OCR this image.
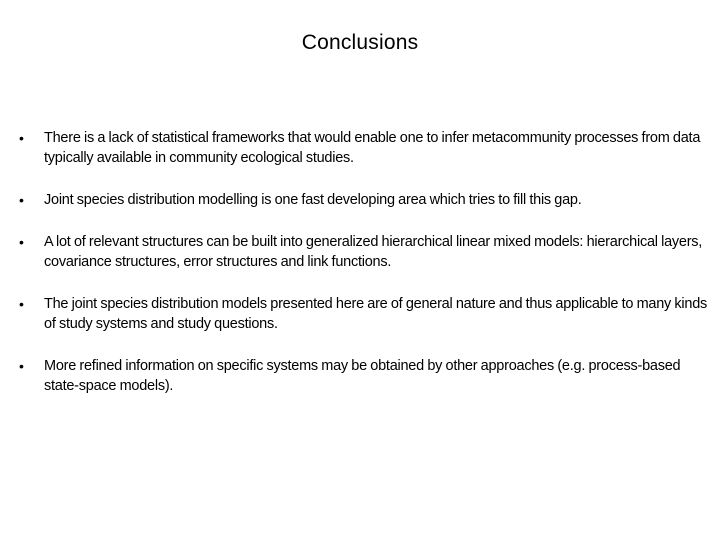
Conclusions
•	There is a lack of statistical frameworks that would enable one to infer metacommunity processes from data typically available in community ecological studies.
•	Joint species distribution modelling is one fast developing area which tries to fill this gap.
•	A lot of relevant structures can be built into generalized hierarchical linear mixed models: hierarchical layers, covariance structures, error structures and link functions.
•	The joint species distribution models presented here are of general nature and thus applicable to many kinds of study systems and study questions.
•	More refined information on specific systems may be obtained by other approaches (e.g. process-based state-space models).
